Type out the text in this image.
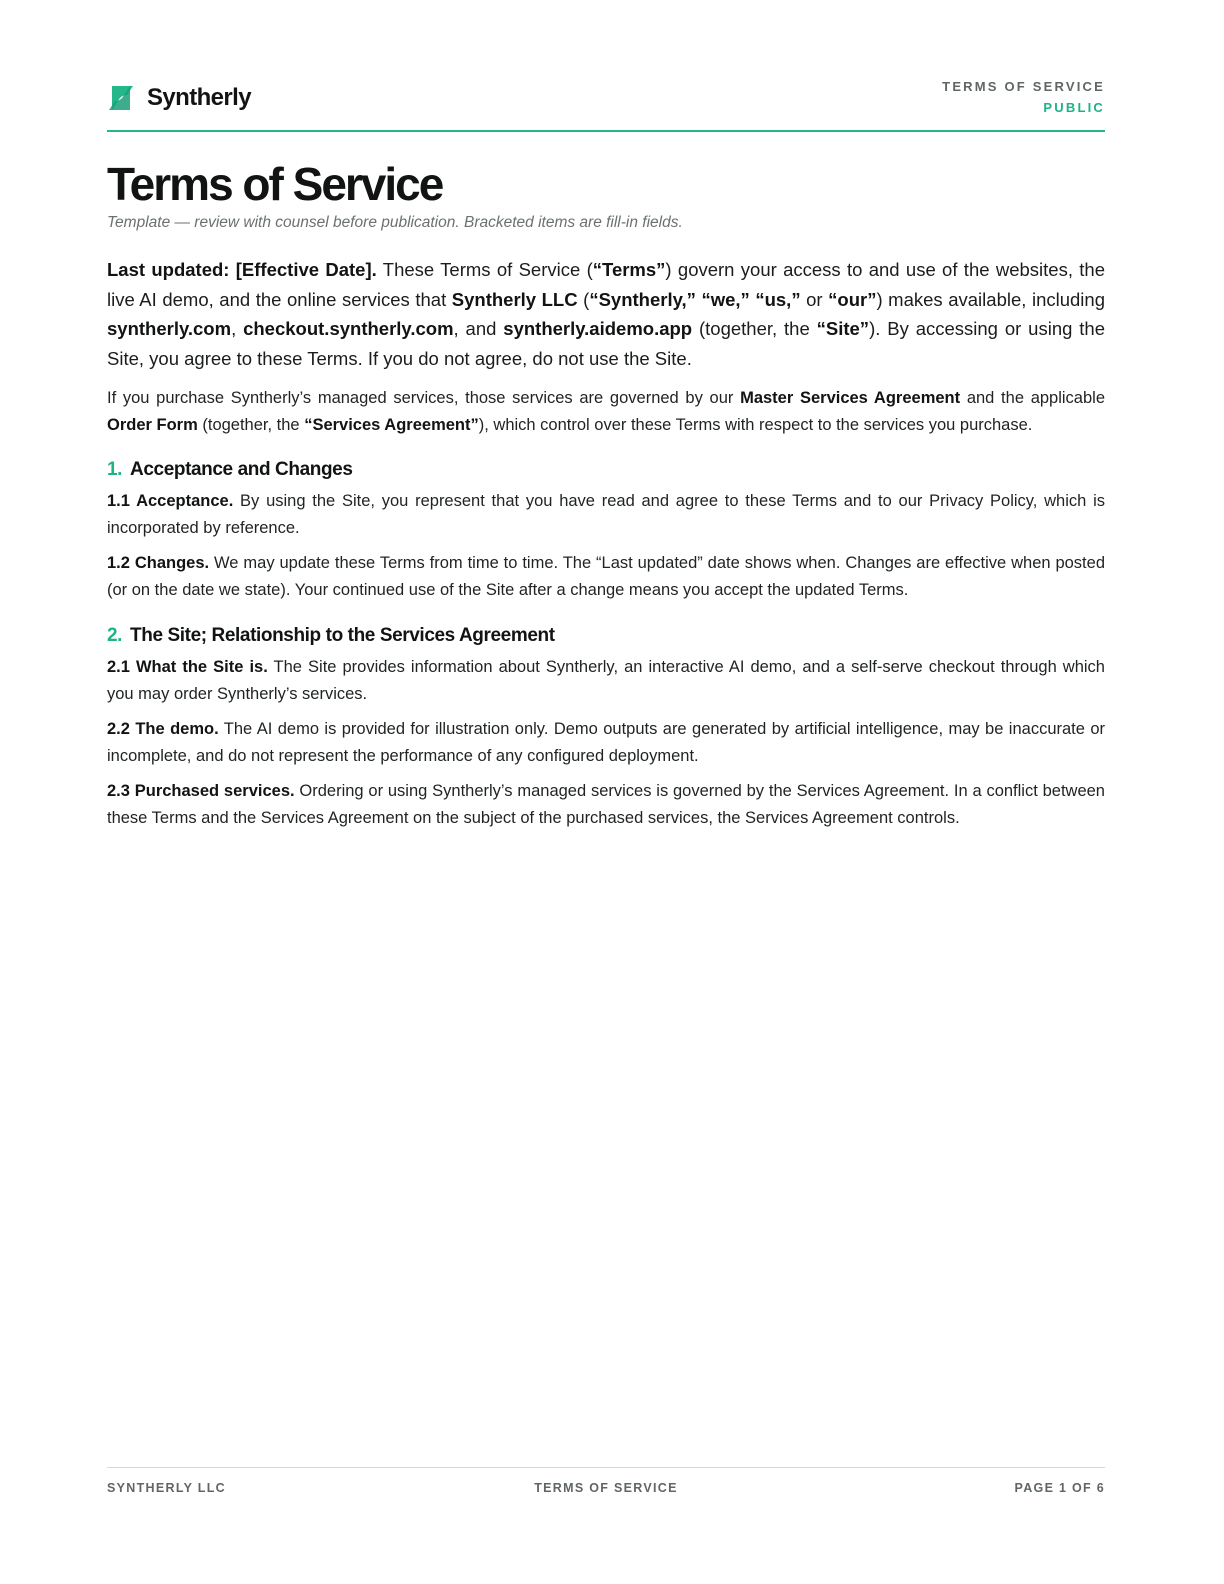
Syntherly	TERMS OF SERVICE
PUBLIC
Terms of Service
Template — review with counsel before publication. Bracketed items are fill-in fields.

Last updated: [Effective Date]. These Terms of Service (“Terms”) govern your access to and use of the websites, the live AI demo, and the online services that Syntherly LLC (“Syntherly,” “we,” “us,” or “our”) makes available, including syntherly.com, checkout.syntherly.com, and syntherly.aidemo.app (together, the “Site”). By accessing or using the Site, you agree to these Terms. If you do not agree, do not use the Site.

If you purchase Syntherly’s managed services, those services are governed by our Master Services Agreement and the applicable Order Form (together, the “Services Agreement”), which control over these Terms with respect to the services you purchase.

1. Acceptance and Changes

1.1 Acceptance. By using the Site, you represent that you have read and agree to these Terms and to our Privacy Policy, which is incorporated by reference.

1.2 Changes. We may update these Terms from time to time. The “Last updated” date shows when. Changes are effective when posted (or on the date we state). Your continued use of the Site after a change means you accept the updated Terms.

2. The Site; Relationship to the Services Agreement

2.1 What the Site is. The Site provides information about Syntherly, an interactive AI demo, and a self-serve checkout through which you may order Syntherly’s services.

2.2 The demo. The AI demo is provided for illustration only. Demo outputs are generated by artificial intelligence, may be inaccurate or incomplete, and do not represent the performance of any configured deployment.

2.3 Purchased services. Ordering or using Syntherly’s managed services is governed by the Services Agreement. In a conflict between these Terms and the Services Agreement on the subject of the purchased services, the Services Agreement controls.

SYNTHERLY LLC	TERMS OF SERVICE	PAGE 1 OF 6
